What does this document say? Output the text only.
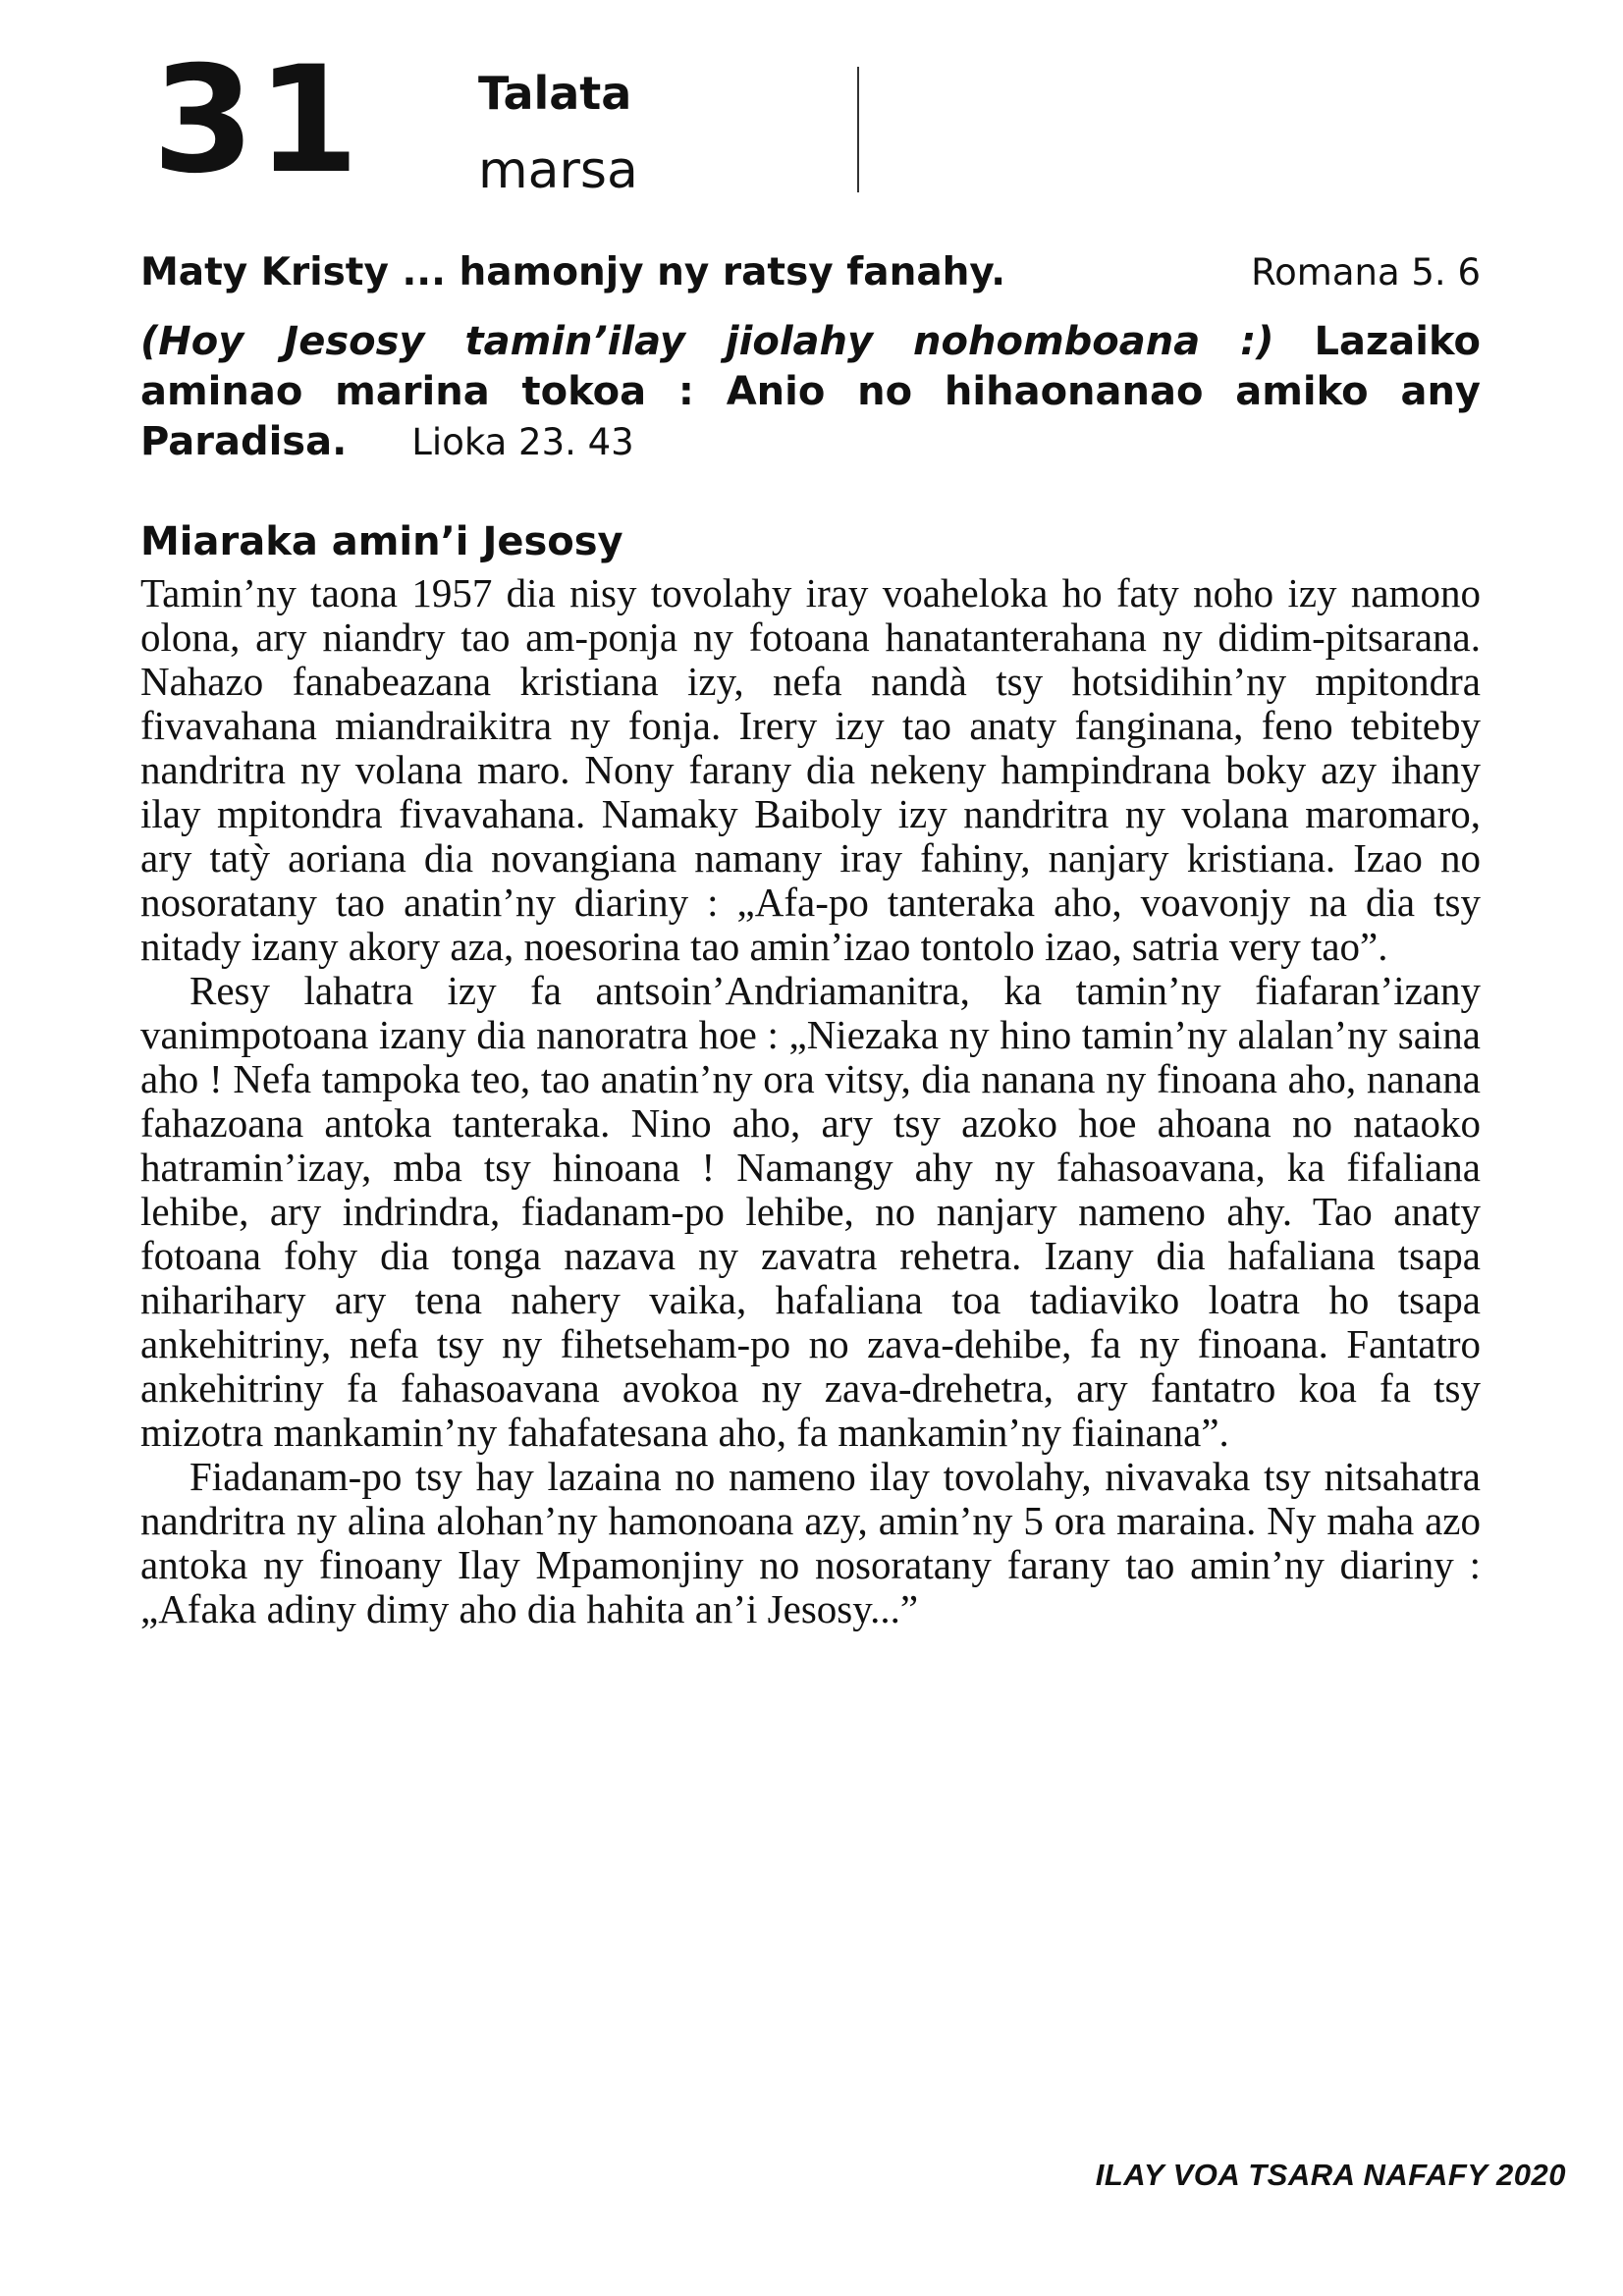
31	Talata
marsa
Maty Kristy ... hamonjy ny ratsy fanahy.	Romana 5. 6

(Hoy Jesosy tamin’ilay jiolahy nohomboana :) Lazaiko aminao marina tokoa : Anio no hihaonanao amiko any Paradisa. Lioka 23. 43

Miaraka amin’i Jesosy

Tamin’ny taona 1957 dia nisy tovolahy iray voaheloka ho faty noho izy namono olona, ary niandry tao am-ponja ny fotoana hanatanterahana ny didim-pitsarana. Nahazo fanabeazana kristiana izy, nefa nandà tsy hotsidihin’ny mpitondra fivavahana miandraikitra ny fonja. Irery izy tao anaty fanginana, feno tebiteby nandritra ny volana maro. Nony farany dia nekeny hampindrana boky azy ihany ilay mpitondra fivavahana. Namaky Baiboly izy nandritra ny volana maromaro, ary tatỳ aoriana dia novangiana namany iray fahiny, nanjary kristiana. Izao no nosoratany tao anatin’ny diariny : „Afa-po tanteraka aho, voavonjy na dia tsy nitady izany akory aza, noesorina tao amin’izao tontolo izao, satria very tao”.

Resy lahatra izy fa antsoin’Andriamanitra, ka tamin’ny fiafaran’izany vanimpotoana izany dia nanoratra hoe : „Niezaka ny hino tamin’ny alalan’ny saina aho ! Nefa tampoka teo, tao anatin’ny ora vitsy, dia nanana ny finoana aho, nanana fahazoana antoka tanteraka. Nino aho, ary tsy azoko hoe ahoana no nataoko hatramin’izay, mba tsy hinoana ! Namangy ahy ny fahasoavana, ka fifaliana lehibe, ary indrindra, fiadanam-po lehibe, no nanjary nameno ahy. Tao anaty fotoana fohy dia tonga nazava ny zavatra rehetra. Izany dia hafaliana tsapa niharihary ary tena nahery vaika, hafaliana toa tadiaviko loatra ho tsapa ankehitriny, nefa tsy ny fihetseham-po no zava-dehibe, fa ny finoana. Fantatro ankehitriny fa fahasoavana avokoa ny zava-drehetra, ary fantatro koa fa tsy mizotra mankamin’ny fahafatesana aho, fa mankamin’ny fiainana”.

Fiadanam-po tsy hay lazaina no nameno ilay tovolahy, nivavaka tsy nitsahatra nandritra ny alina alohan’ny hamonoana azy, amin’ny 5 ora maraina. Ny maha azo antoka ny finoany Ilay Mpamonjiny no nosoratany farany tao amin’ny diariny : „Afaka adiny dimy aho dia hahita an’i Jesosy...”

ILAY VOA TSARA NAFAFY 2020
